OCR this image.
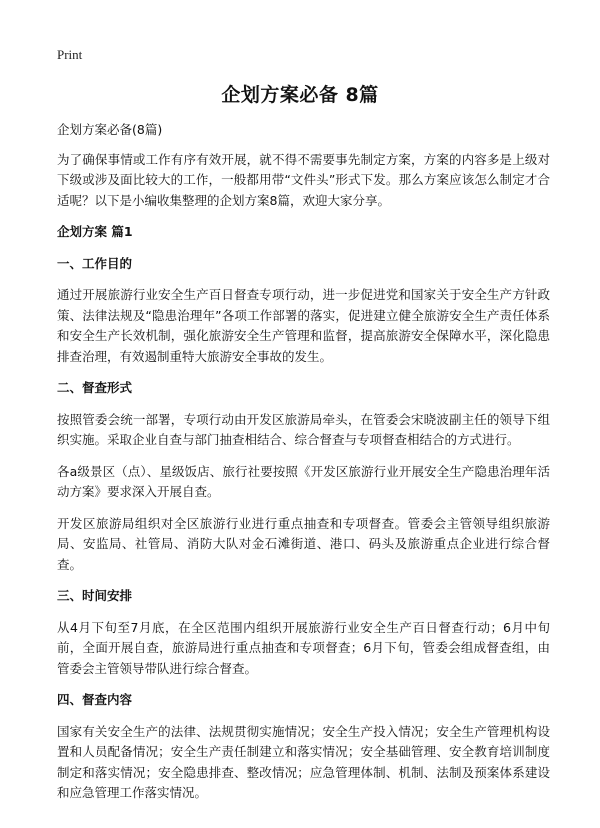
Print
企划方案必备 8篇

企划方案必备(8篇)

为了确保事情或工作有序有效开展，就不得不需要事先制定方案，方案的内容多是上级对下级或涉及面比较大的工作，一般都用带“文件头”形式下发。那么方案应该怎么制定才合适呢？以下是小编收集整理的企划方案8篇，欢迎大家分享。

企划方案 篇1

一、工作目的

通过开展旅游行业安全生产百日督查专项行动，进一步促进党和国家关于安全生产方针政策、法律法规及“隐患治理年”各项工作部署的落实，促进建立健全旅游安全生产责任体系和安全生产长效机制，强化旅游安全生产管理和监督，提高旅游安全保障水平，深化隐患排查治理，有效遏制重特大旅游安全事故的发生。

二、督查形式

按照管委会统一部署，专项行动由开发区旅游局牵头，在管委会宋晓波副主任的领导下组织实施。采取企业自查与部门抽查相结合、综合督查与专项督查相结合的方式进行。

各a级景区（点）、星级饭店、旅行社要按照《开发区旅游行业开展安全生产隐患治理年活动方案》要求深入开展自查。

开发区旅游局组织对全区旅游行业进行重点抽查和专项督查。管委会主管领导组织旅游局、安监局、社管局、消防大队对金石滩街道、港口、码头及旅游重点企业进行综合督查。

三、时间安排

从4月下旬至7月底，在全区范围内组织开展旅游行业安全生产百日督查行动；6月中旬前，全面开展自查，旅游局进行重点抽查和专项督查；6月下旬，管委会组成督查组，由管委会主管领导带队进行综合督查。

四、督查内容

国家有关安全生产的法律、法规贯彻实施情况；安全生产投入情况；安全生产管理机构设置和人员配备情况；安全生产责任制建立和落实情况；安全基础管理、安全教育培训制度制定和落实情况；安全隐患排查、整改情况；应急管理体制、机制、法制及预案体系建设和应急管理工作落实情况。
